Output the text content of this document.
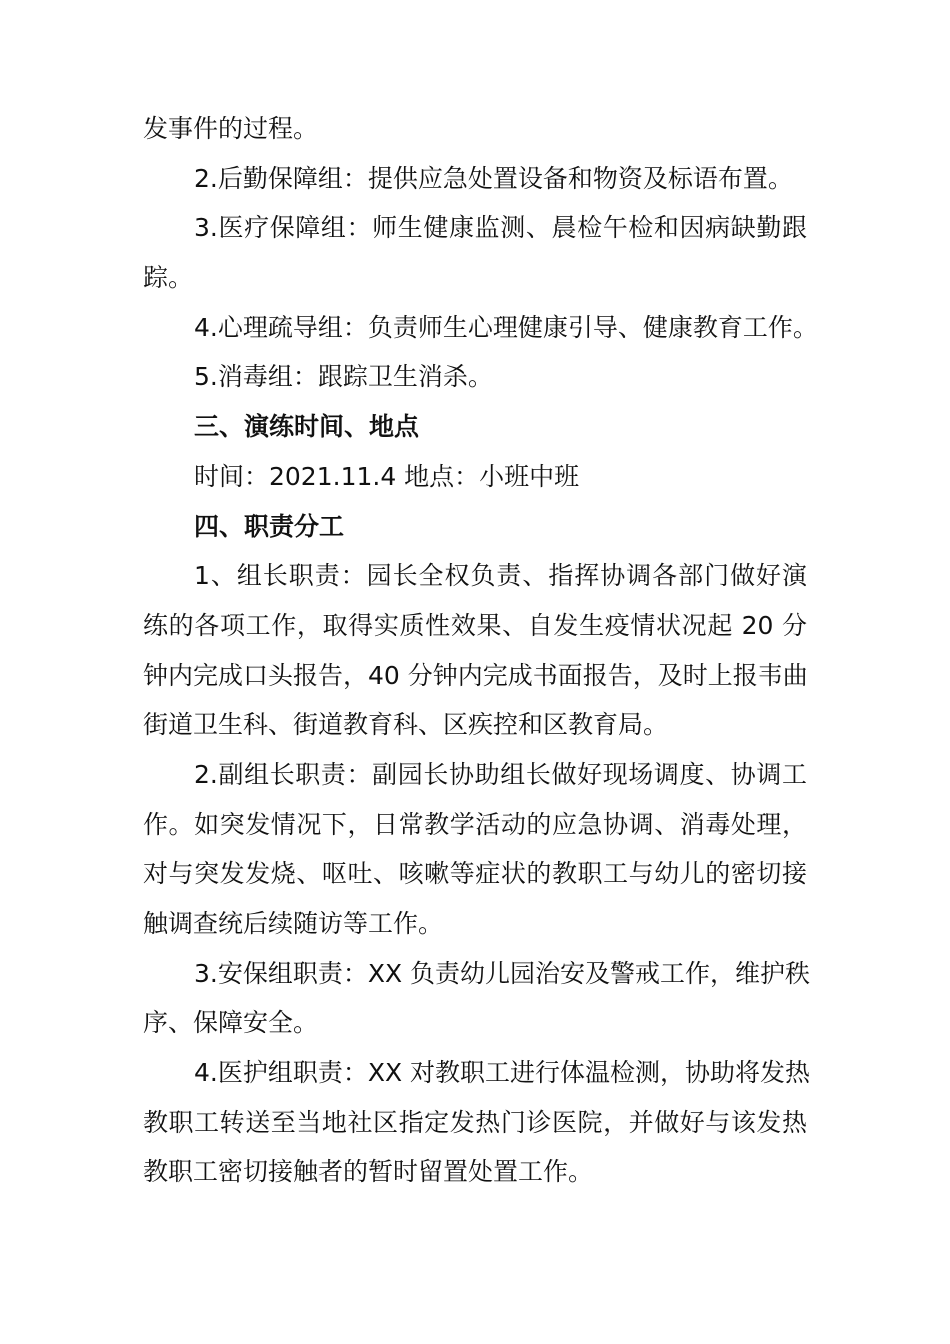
发事件的过程。
2.后勤保障组：提供应急处置设备和物资及标语布置。
3.医疗保障组：师生健康监测、晨检午检和因病缺勤跟
踪。
4.心理疏导组：负责师生心理健康引导、健康教育工作。
5.消毒组：跟踪卫生消杀。
三、演练时间、地点
时间：2021.11.4 地点：小班中班
四、职责分工
1、组长职责：园长全权负责、指挥协调各部门做好演
练的各项工作，取得实质性效果、自发生疫情状况起 20 分
钟内完成口头报告，40 分钟内完成书面报告，及时上报韦曲
街道卫生科、街道教育科、区疾控和区教育局。
2.副组长职责：副园长协助组长做好现场调度、协调工
作。如突发情况下，日常教学活动的应急协调、消毒处理，
对与突发发烧、呕吐、咳嗽等症状的教职工与幼儿的密切接
触调查统后续随访等工作。
3.安保组职责：XX 负责幼儿园治安及警戒工作，维护秩
序、保障安全。
4.医护组职责：XX 对教职工进行体温检测，协助将发热
教职工转送至当地社区指定发热门诊医院，并做好与该发热
教职工密切接触者的暂时留置处置工作。
